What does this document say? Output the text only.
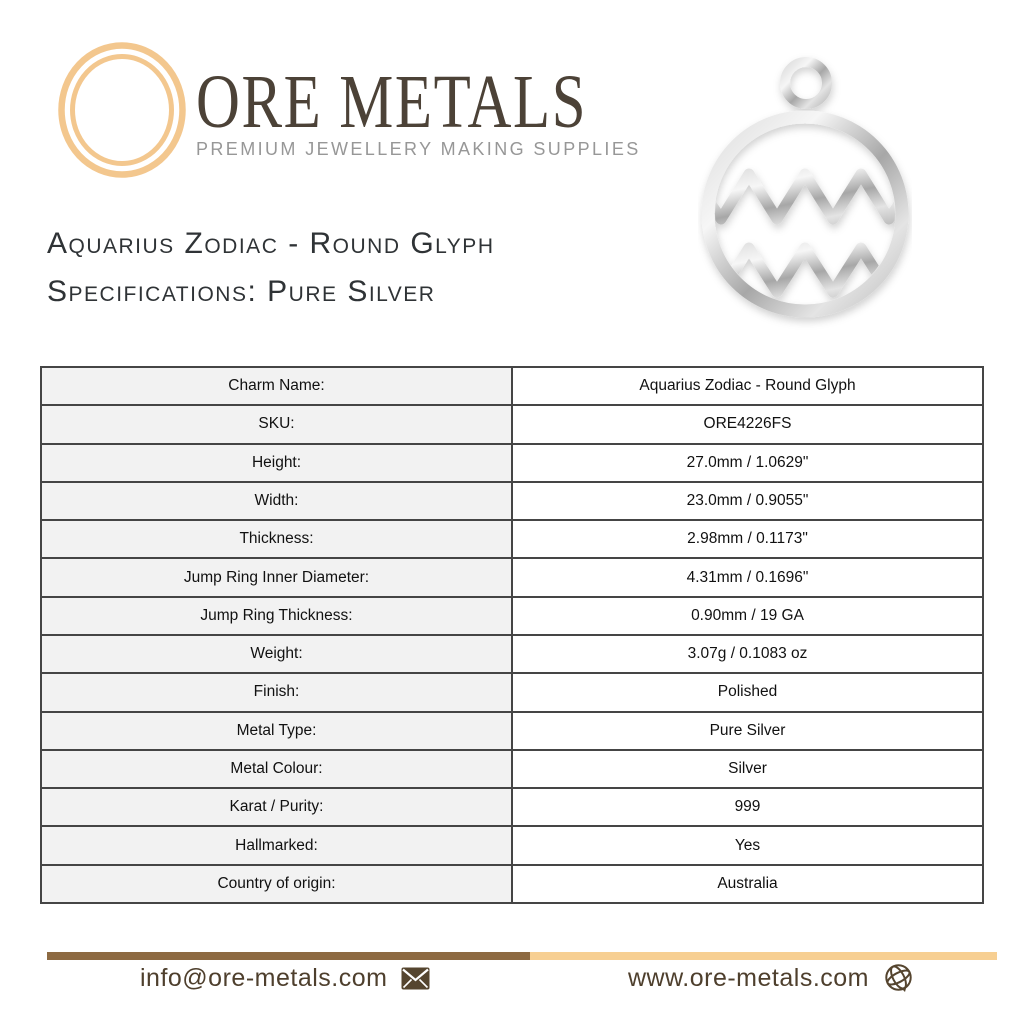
ORE METALS
PREMIUM JEWELLERY MAKING SUPPLIES
Aquarius Zodiac - Round Glyph
Specifications: Pure Silver
Charm Name:	Aquarius Zodiac - Round Glyph
SKU:	ORE4226FS
Height:	27.0mm / 1.0629"
Width:	23.0mm / 0.9055"
Thickness:	2.98mm / 0.1173"
Jump Ring Inner Diameter:	4.31mm / 0.1696"
Jump Ring Thickness:	0.90mm / 19 GA
Weight:	3.07g / 0.1083 oz
Finish:	Polished
Metal Type:	Pure Silver
Metal Colour:	Silver
Karat / Purity:	999
Hallmarked:	Yes
Country of origin:	Australia
info@ore-metals.com	www.ore-metals.com
